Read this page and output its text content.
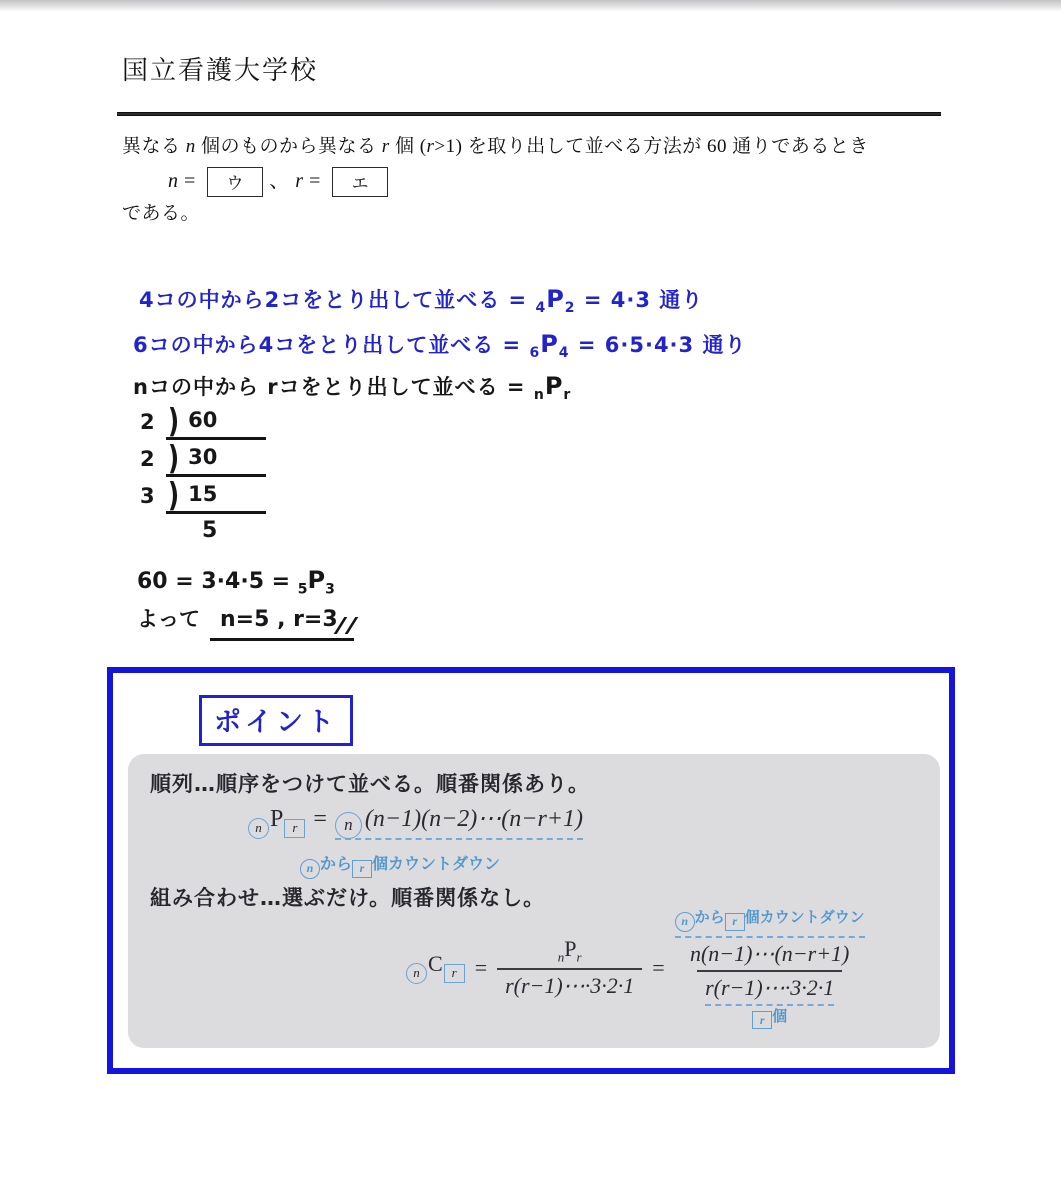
国立看護大学校
異なる n 個のものから異なる r 個 (r>1) を取り出して並べる方法が 60 通りであるとき
n = ウ 、 r = エ
である。
4コの中から2コをとり出して並べる = $_4P_2 = 4\cdot 3$ 通り
6コの中から4コをとり出して並べる = $_6P_4 = 6\cdot 5\cdot 4\cdot 3$ 通り
nコの中から rコをとり出して並べる = $_nP_r$
2 ) 60
2 ) 30
3 ) 15
5
$60 = 3\cdot 4\cdot 5 = _5P_3$
よって n=5 , r=3
ポイント
順列…順序をつけて並べる。順番関係あり。
n P r = n (n−1)(n−2)⋯(n−r+1)
n から r 個カウントダウン
組み合わせ…選ぶだけ。順番関係なし。
n C $r = \frac{_nP_r}{r(r-1)\cdots\cdot 3\cdot 2\cdot 1}$ =
n から r 個カウントダウン
n(n−1)⋯(n−r+1)
r(r−1)⋯·3·2·1
r 個
